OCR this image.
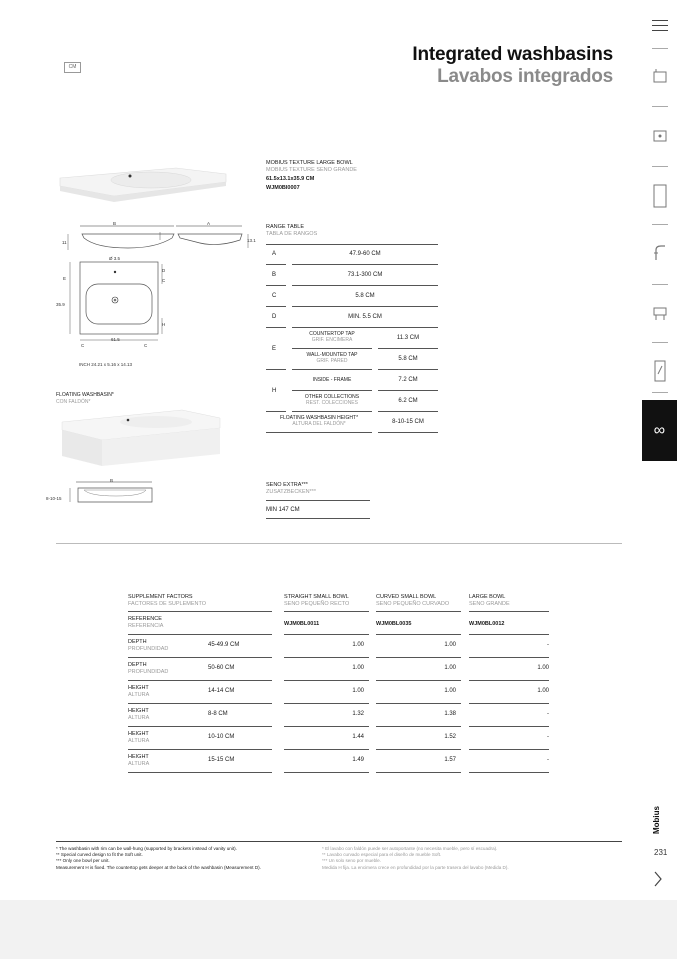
CM
Integrated washbasins
Lavabos integrados
MOBIUS TEXTURE LARGE BOWL
MOBIUS TEXTURE SENO GRANDE
61.5x13.1x35.9 CM
WJM0BI0007
B	A
11	13.1
Ø 3.5
D
C
E
35.9
H
61.5
C	C
INCH 24.21 x 5.16 x 14.13
FLOATING WASHBASIN*
CON FALDÓN*
B
8-10-15
RANGE TABLE
TABLA DE RANGOS
A	47.9-60 CM
B	73.1-300 CM
C	5.8 CM
D	MIN. 5.5 CM
E
COUNTERTOP TAP
GRIF. ENCIMERA	11.3 CM
WALL-MOUNTED TAP
GRIF. PARED	5.8 CM
H
INSIDE - FRAME	7.2 CM
OTHER COLLECTIONS
REST. COLECCIONES	6.2 CM
FLOATING WASHBASIN HEIGHT*
ALTURA DEL FALDÓN*	8-10-15 CM
SENO EXTRA***
ZUSATZBECKEN***
MIN 147 CM
SUPPLEMENT FACTORS
FACTORES DE SUPLEMENTO
STRAIGHT SMALL BOWL
SENO PEQUEÑO RECTO
CURVED SMALL BOWL
SENO PEQUEÑO CURVADO
LARGE BOWL
SENO GRANDE
REFERENCE
REFERENCIA	WJM0BL0011	WJM0BL0035	WJM0BL0012
DEPTH
PROFUNDIDAD
45-49.9 CM	1.00	1.00	-
DEPTH
PROFUNDIDAD
50-60 CM	1.00	1.00	1.00
HEIGHT
ALTURA
14-14 CM	1.00	1.00	1.00
HEIGHT
ALTURA
8-8 CM	1.32	1.38	-
HEIGHT
ALTURA
10-10 CM	1.44	1.52	-
HEIGHT
ALTURA
15-15 CM	1.49	1.57	-
* The washbasin with rim can be wall-hung (supported by brackets instead of vanity unit).
** Special curved design to fit the Soft unit.
*** Only one bowl per unit.
Measurement H is fixed. The countertop gets deeper at the back of the washbasin (Measurement D).
* El lavabo con faldón puede ser autoportante (no necesita mueble, pero sí escuadra).
** Lavabo curvado especial para el diseño de mueble Soft.
*** Un solo seno por mueble.
Medida H fija. La encimera crece en profundidad por la parte trasera del lavabo (Medida D).
∞
Mobius
231
